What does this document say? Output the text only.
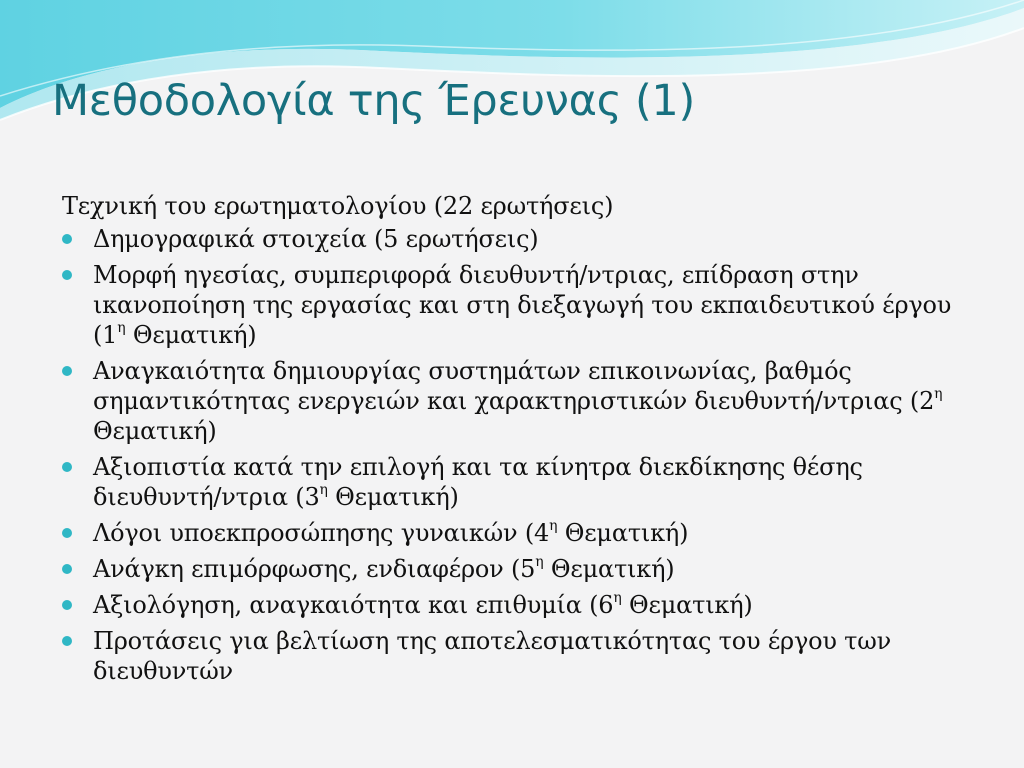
Μεθοδολογία της Έρευνας (1)

Τεχνική του ερωτηματολογίου (22 ερωτήσεις)

Δημογραφικά στοιχεία (5 ερωτήσεις)
Μορφή ηγεσίας, συμπεριφορά διευθυντή/ντριας, επίδραση στην ικανοποίηση της εργασίας και στη διεξαγωγή του εκπαιδευτικού έργου ($1^\eta$ Θεματική)
Αναγκαιότητα δημιουργίας συστημάτων επικοινωνίας, βαθμός σημαντικότητας ενεργειών και χαρακτηριστικών διευθυντή/ντριας ($2^\eta$ Θεματική)
Αξιοπιστία κατά την επιλογή και τα κίνητρα διεκδίκησης θέσης διευθυντή/ντρια ($3^\eta$ Θεματική)
Λόγοι υποεκπροσώπησης γυναικών ($4^\eta$ Θεματική)
Ανάγκη επιμόρφωσης, ενδιαφέρον ($5^\eta$ Θεματική)
Αξιολόγηση, αναγκαιότητα και επιθυμία ($6^\eta$ Θεματική)
Προτάσεις για βελτίωση της αποτελεσματικότητας του έργου των διευθυντών
